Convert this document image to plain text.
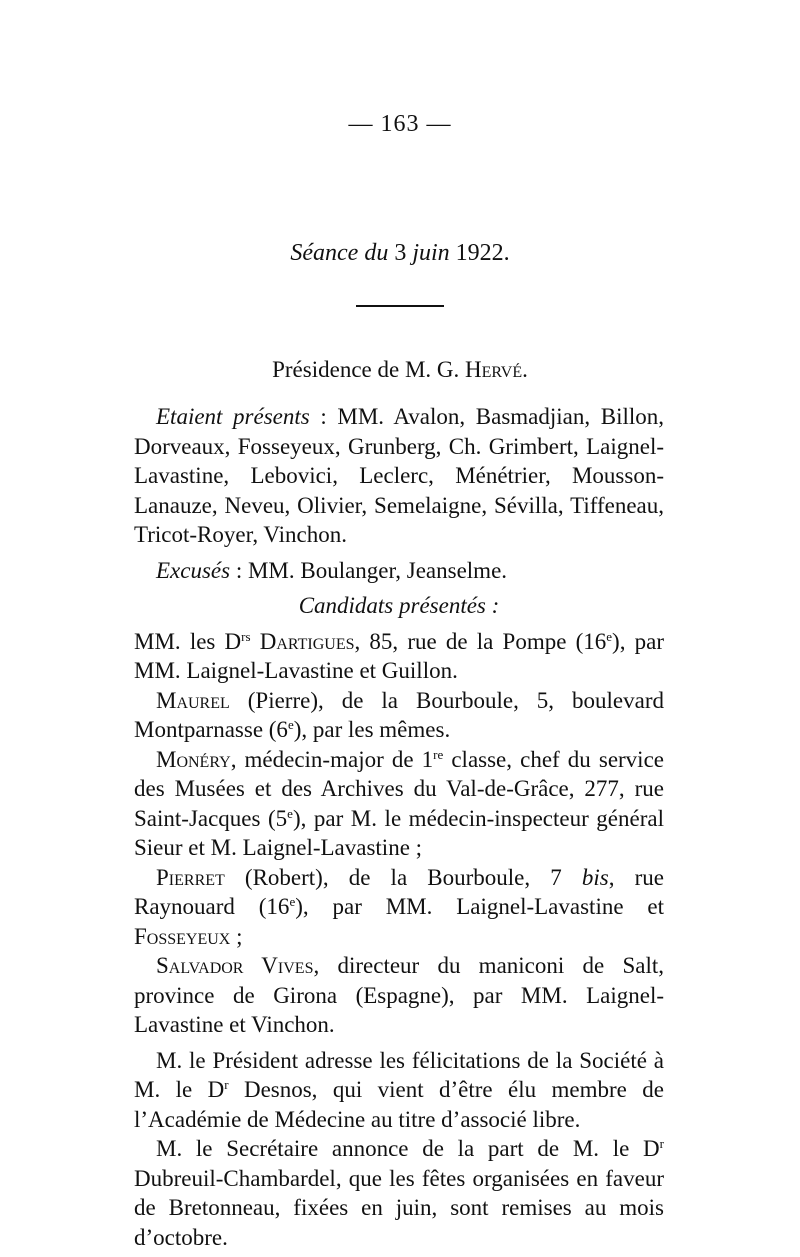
— 163 —
Séance du 3 juin 1922.
Présidence de M. G. Hervé.

Etaient présents : MM. Avalon, Basmadjian, Billon, Dorveaux, Fosseyeux, Grunberg, Ch. Grimbert, Laignel-Lavastine, Lebovici, Leclerc, Ménétrier, Mousson-Lanauze, Neveu, Olivier, Semelaigne, Sévilla, Tiffeneau, Tricot-Royer, Vinchon.

Excusés : MM. Boulanger, Jeanselme.

Candidats présentés :

MM. les $D^{rs}$ Dartigues, 85, rue de la Pompe (16e), par MM. Laignel-Lavastine et Guillon.

Maurel (Pierre), de la Bourboule, 5, boulevard Montparnasse (6e), par les mêmes.

Monéry, médecin-major de 1re classe, chef du service des Musées et des Archives du Val-de-Grâce, 277, rue Saint-Jacques (5e), par M. le médecin-inspecteur général Sieur et M. Laignel-Lavastine ;

Pierret (Robert), de la Bourboule, 7 bis, rue Raynouard (16e), par MM. Laignel-Lavastine et Fosseyeux ;

Salvador Vives, directeur du maniconi de Salt, province de Girona (Espagne), par MM. Laignel-Lavastine et Vinchon.

M. le Président adresse les félicitations de la Société à M. le $D^r$ Desnos, qui vient d’être élu membre de l’Académie de Médecine au titre d’associé libre.

M. le Secrétaire annonce de la part de M. le $D^r$ Dubreuil-Chambardel, que les fêtes organisées en faveur de Bretonneau, fixées en juin, sont remises au mois d’octobre.
